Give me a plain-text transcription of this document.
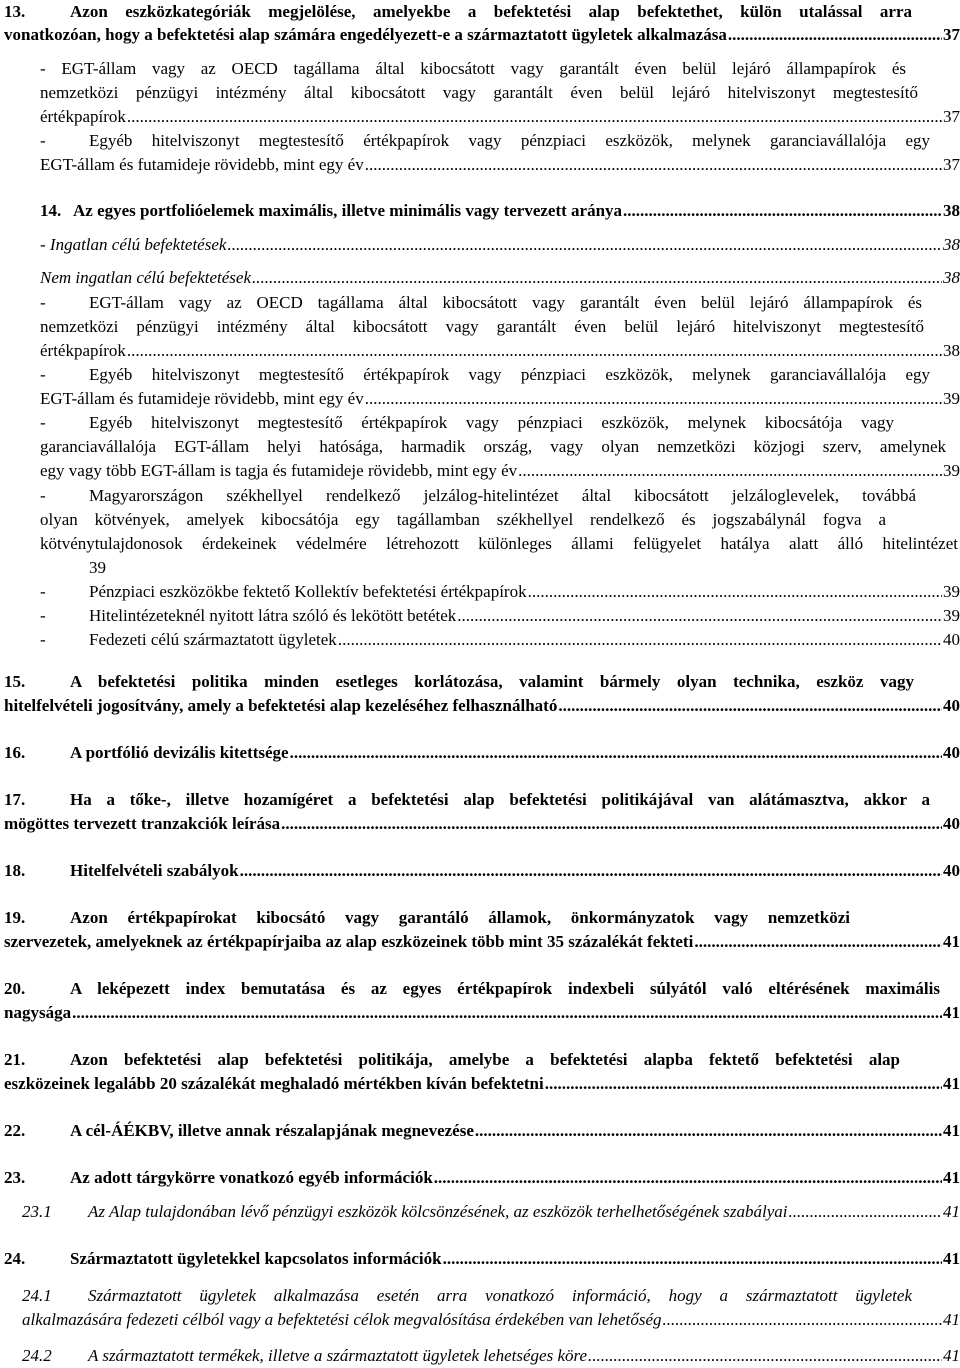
13.	Azon eszközkategóriák megjelölése, amelyekbe a befektetési alap befektethet, külön utalással arra
vonatkozóan, hogy a befektetési alap számára engedélyezett-e a származtatott ügyletek alkalmazása .....	37
- EGT-állam vagy az OECD tagállama által kibocsátott vagy garantált éven belül lejáró állampapírok és
nemzetközi pénzügyi intézmény által kibocsátott vagy garantált éven belül lejáró hitelviszonyt megtestesítő
értékpapírok .....	37
-	Egyéb hitelviszonyt megtestesítő értékpapírok vagy pénzpiaci eszközök, melynek garanciavállalója egy
EGT-állam és futamideje rövidebb, mint egy év .....	37
14. Az egyes portfolióelemek maximális, illetve minimális vagy tervezett aránya .....	38
- Ingatlan célú befektetések .....	38
Nem ingatlan célú befektetések .....	38
-	EGT-állam vagy az OECD tagállama által kibocsátott vagy garantált éven belül lejáró állampapírok és
nemzetközi pénzügyi intézmény által kibocsátott vagy garantált éven belül lejáró hitelviszonyt megtestesítő
értékpapírok .....	38
-	Egyéb hitelviszonyt megtestesítő értékpapírok vagy pénzpiaci eszközök, melynek garanciavállalója egy
EGT-állam és futamideje rövidebb, mint egy év .....	39
-	Egyéb hitelviszonyt megtestesítő értékpapírok vagy pénzpiaci eszközök, melynek kibocsátója vagy
garanciavállalója EGT-állam helyi hatósága, harmadik ország, vagy olyan nemzetközi közjogi szerv, amelynek
egy vagy több EGT-állam is tagja és futamideje rövidebb, mint egy év .....	39
-	Magyarországon székhellyel rendelkező jelzálog-hitelintézet által kibocsátott jelzáloglevelek, továbbá
olyan kötvények, amelyek kibocsátója egy tagállamban székhellyel rendelkező és jogszabálynál fogva a
kötvénytulajdonosok érdekeinek védelmére létrehozott különleges állami felügyelet hatálya alatt álló hitelintézet
39
-	Pénzpiaci eszközökbe fektető Kollektív befektetési értékpapírok .....	39
-	Hitelintézeteknél nyitott látra szóló és lekötött betétek .....	39
-	Fedezeti célú származtatott ügyletek .....	40
15.	A befektetési politika minden esetleges korlátozása, valamint bármely olyan technika, eszköz vagy
hitelfelvételi jogosítvány, amely a befektetési alap kezeléséhez felhasználható .....	40
16.	A portfólió devizális kitettsége .....	40
17.	Ha a tőke-, illetve hozamígéret a befektetési alap befektetési politikájával van alátámasztva, akkor a
mögöttes tervezett tranzakciók leírása .....	40
18.	Hitelfelvételi szabályok .....	40
19.	Azon értékpapírokat kibocsátó vagy garantáló államok, önkormányzatok vagy nemzetközi
szervezetek, amelyeknek az értékpapírjaiba az alap eszközeinek több mint 35 százalékát fekteti .....	41
20.	A leképezett index bemutatása és az egyes értékpapírok indexbeli súlyától való eltérésének maximális
nagysága .....	41
21.	Azon befektetési alap befektetési politikája, amelybe a befektetési alapba fektető befektetési alap
eszközeinek legalább 20 százalékát meghaladó mértékben kíván befektetni .....	41
22.	A cél-ÁÉKBV, illetve annak részalapjának megnevezése .....	41
23.	Az adott tárgykörre vonatkozó egyéb információk .....	41
23.1	Az Alap tulajdonában lévő pénzügyi eszközök kölcsönzésének, az eszközök terhelhetőségének szabályai .....	41
24.	Származtatott ügyletekkel kapcsolatos információk .....	41
24.1	Származtatott ügyletek alkalmazása esetén arra vonatkozó információ, hogy a származtatott ügyletek
alkalmazására fedezeti célból vagy a befektetési célok megvalósítása érdekében van lehetőség .....	41
24.2	A származtatott termékek, illetve a származtatott ügyletek lehetséges köre .....	41
